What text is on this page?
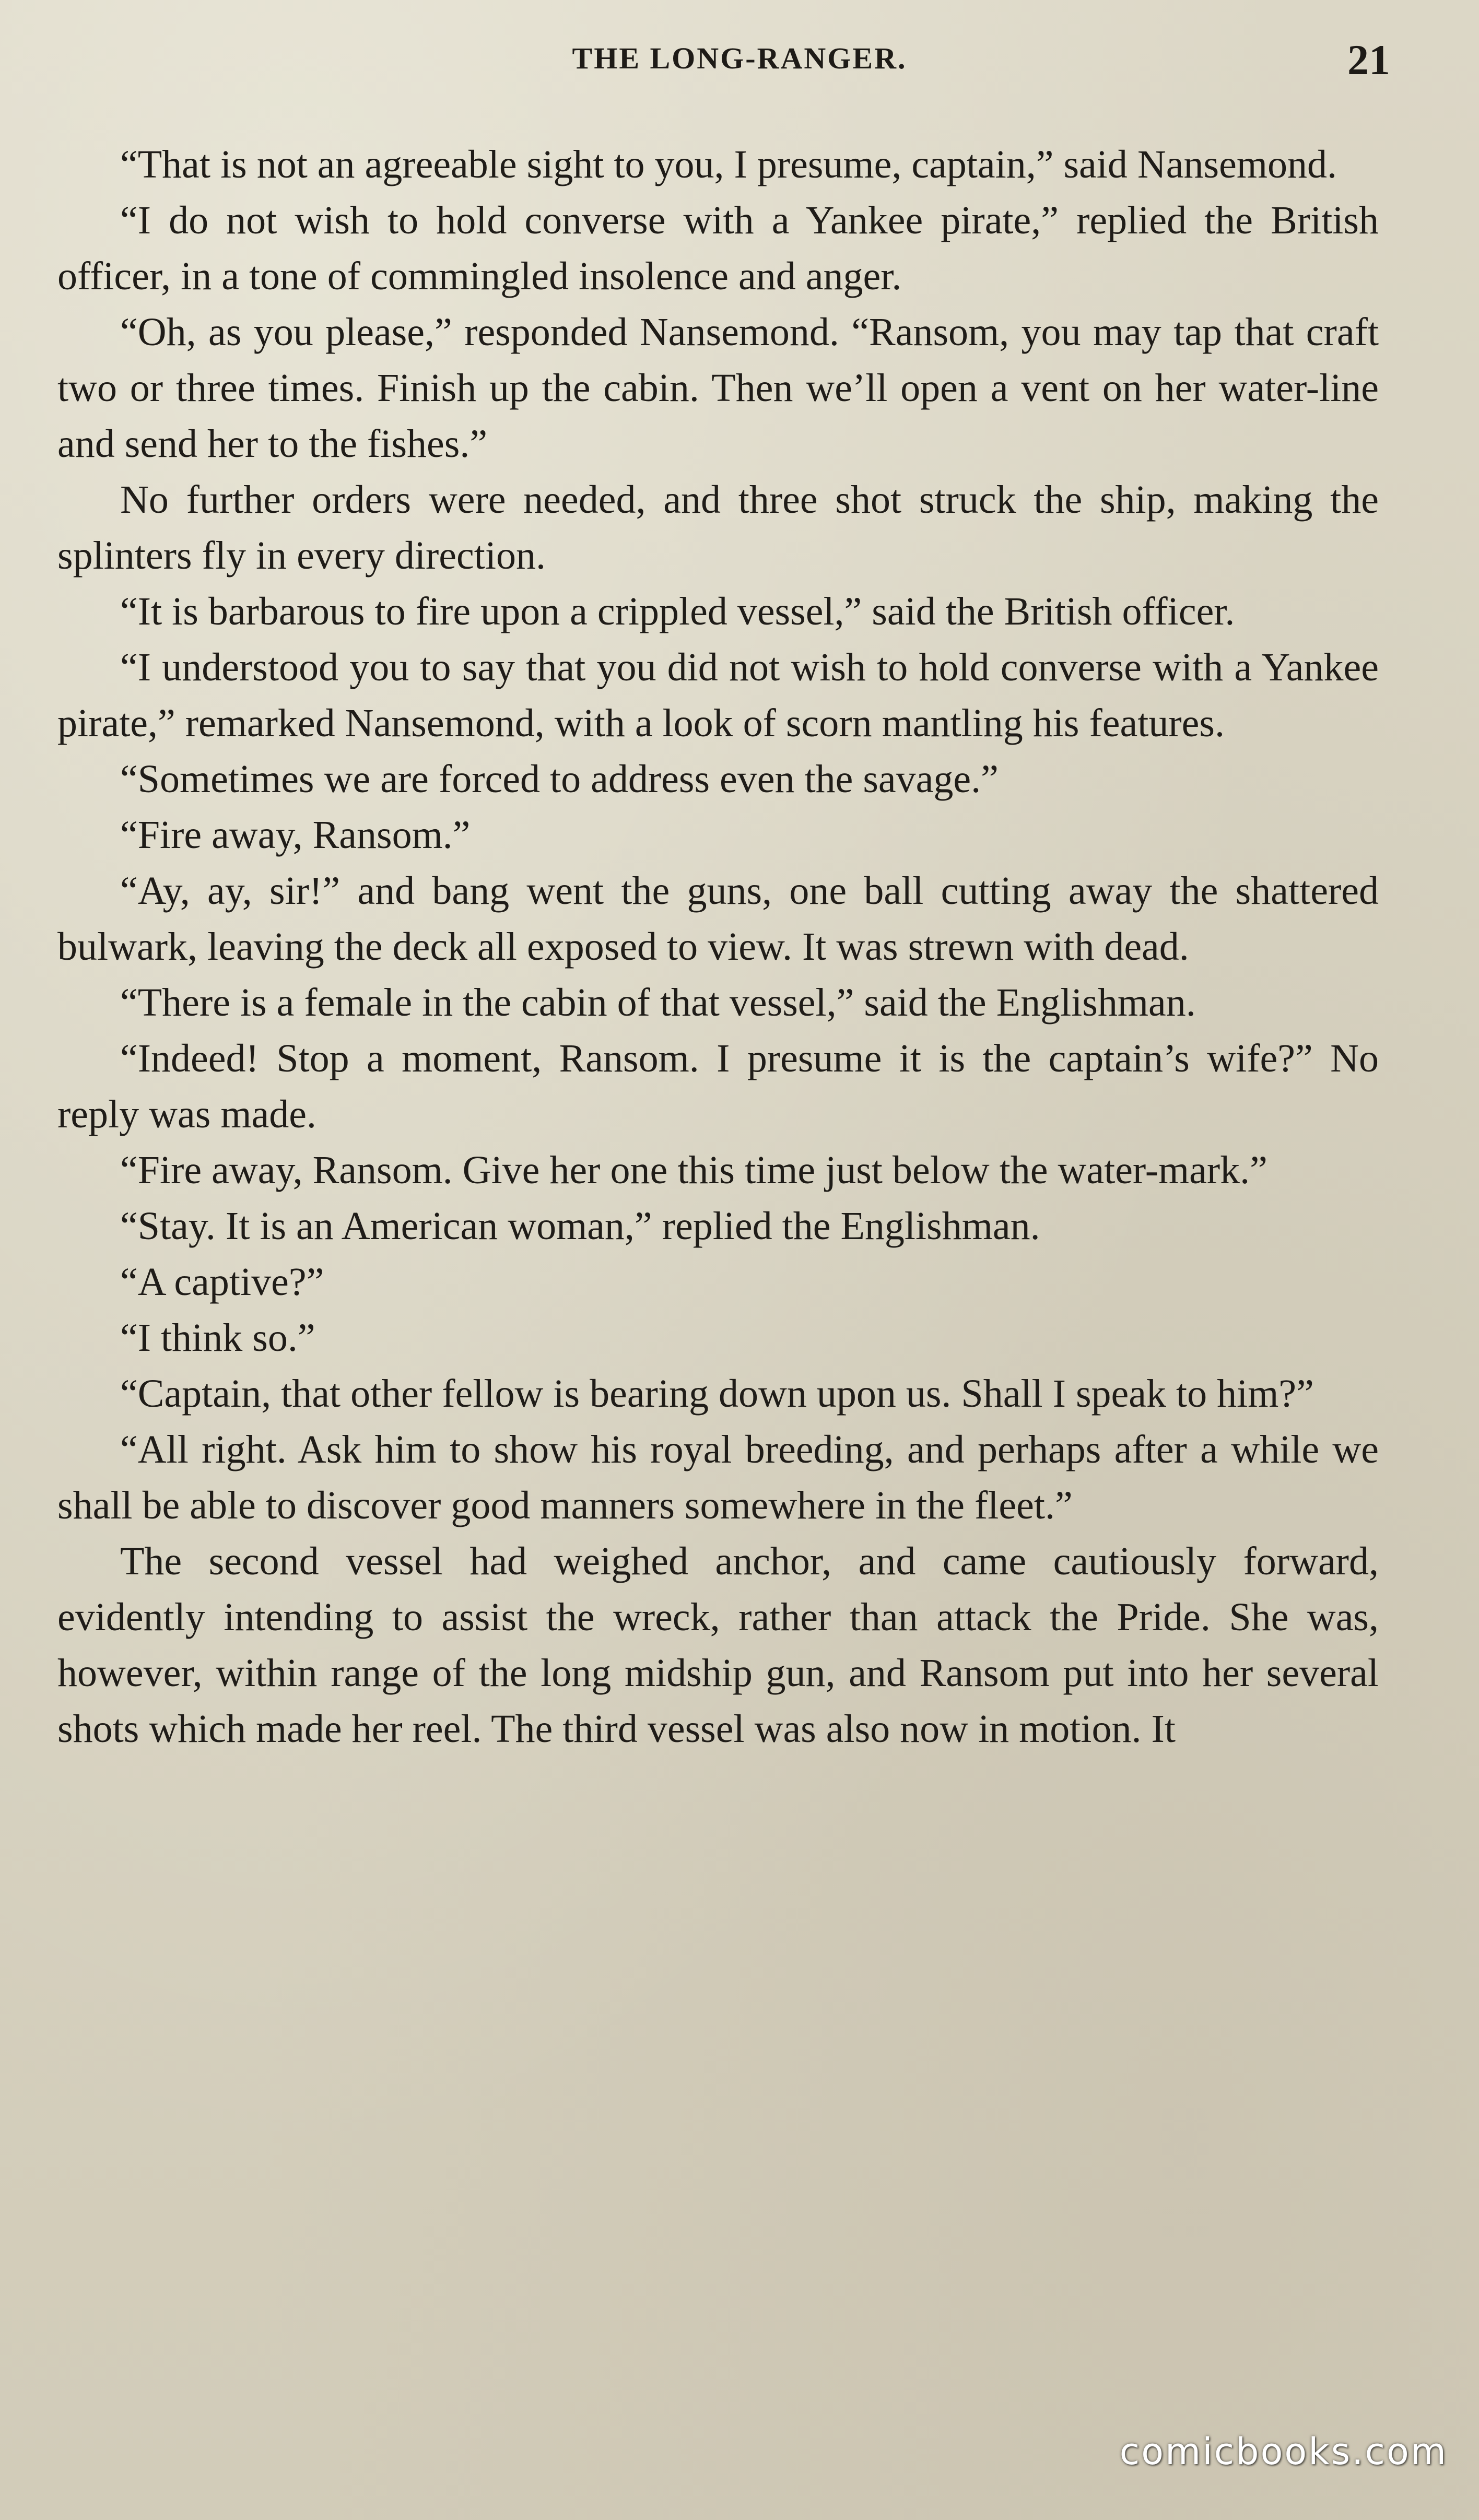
THE LONG-RANGER.	21

“That is not an agreeable sight to you, I presume, captain,” said Nansemond.

“I do not wish to hold converse with a Yankee pirate,” replied the British officer, in a tone of commingled insolence and anger.

“Oh, as you please,” responded Nansemond. “Ransom, you may tap that craft two or three times. Finish up the cabin. Then we’ll open a vent on her water-line and send her to the fishes.”

No further orders were needed, and three shot struck the ship, making the splinters fly in every direction.

“It is barbarous to fire upon a crippled vessel,” said the British officer.

“I understood you to say that you did not wish to hold converse with a Yankee pirate,” remarked Nansemond, with a look of scorn mantling his features.

“Sometimes we are forced to address even the savage.”

“Fire away, Ransom.”

“Ay, ay, sir!” and bang went the guns, one ball cutting away the shattered bulwark, leaving the deck all exposed to view. It was strewn with dead.

“There is a female in the cabin of that vessel,” said the Englishman.

“Indeed! Stop a moment, Ransom. I presume it is the captain’s wife?” No reply was made.

“Fire away, Ransom. Give her one this time just below the water-mark.”

“Stay. It is an American woman,” replied the Englishman.

“A captive?”

“I think so.”

“Captain, that other fellow is bearing down upon us. Shall I speak to him?”

“All right. Ask him to show his royal breeding, and perhaps after a while we shall be able to discover good manners somewhere in the fleet.”

The second vessel had weighed anchor, and came cautiously forward, evidently intending to assist the wreck, rather than attack the Pride. She was, however, within range of the long midship gun, and Ransom put into her several shots which made her reel. The third vessel was also now in motion. It

comicbooks.com
